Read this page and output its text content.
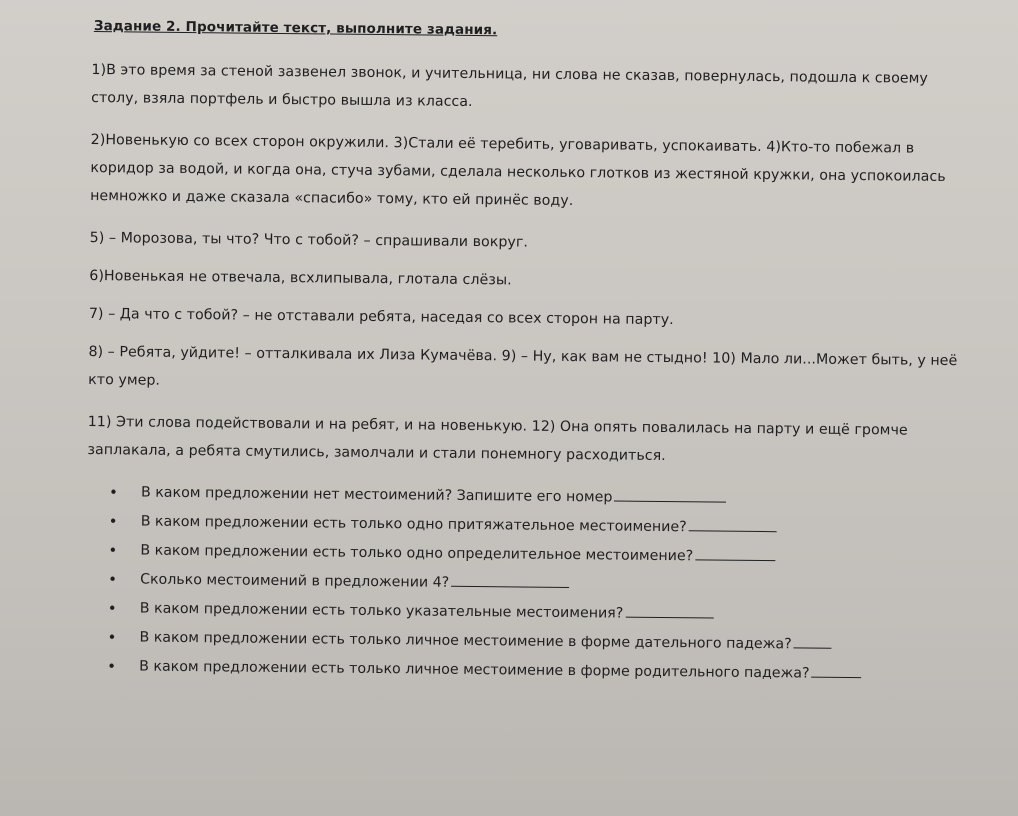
Задание 2. Прочитайте текст, выполните задания.

1)В это время за стеной зазвенел звонок, и учительница, ни слова не сказав, повернулась, подошла к своему столу, взяла портфель и быстро вышла из класса.

2)Новенькую со всех сторон окружили. 3)Стали её теребить, уговаривать, успокаивать. 4)Кто-то побежал в коридор за водой, и когда она, стуча зубами, сделала несколько глотков из жестяной кружки, она успокоилась немножко и даже сказала «спасибо» тому, кто ей принёс воду.

5) – Морозова, ты что? Что с тобой? – спрашивали вокруг.

6)Новенькая не отвечала, всхлипывала, глотала слёзы.

7) – Да что с тобой? – не отставали ребята, наседая со всех сторон на парту.

8) – Ребята, уйдите! – отталкивала их Лиза Кумачёва. 9) – Ну, как вам не стыдно! 10) Мало ли...Может быть, у неё кто умер.

11) Эти слова подействовали и на ребят, и на новенькую. 12) Она опять повалилась на парту и ещё громче заплакала, а ребята смутились, замолчали и стали понемногу расходиться.

• В каком предложении нет местоимений? Запишите его номер
• В каком предложении есть только одно притяжательное местоимение?
• В каком предложении есть только одно определительное местоимение?
• Сколько местоимений в предложении 4?
• В каком предложении есть только указательные местоимения?
• В каком предложении есть только личное местоимение в форме дательного падежа?
• В каком предложении есть только личное местоимение в форме родительного падежа?
